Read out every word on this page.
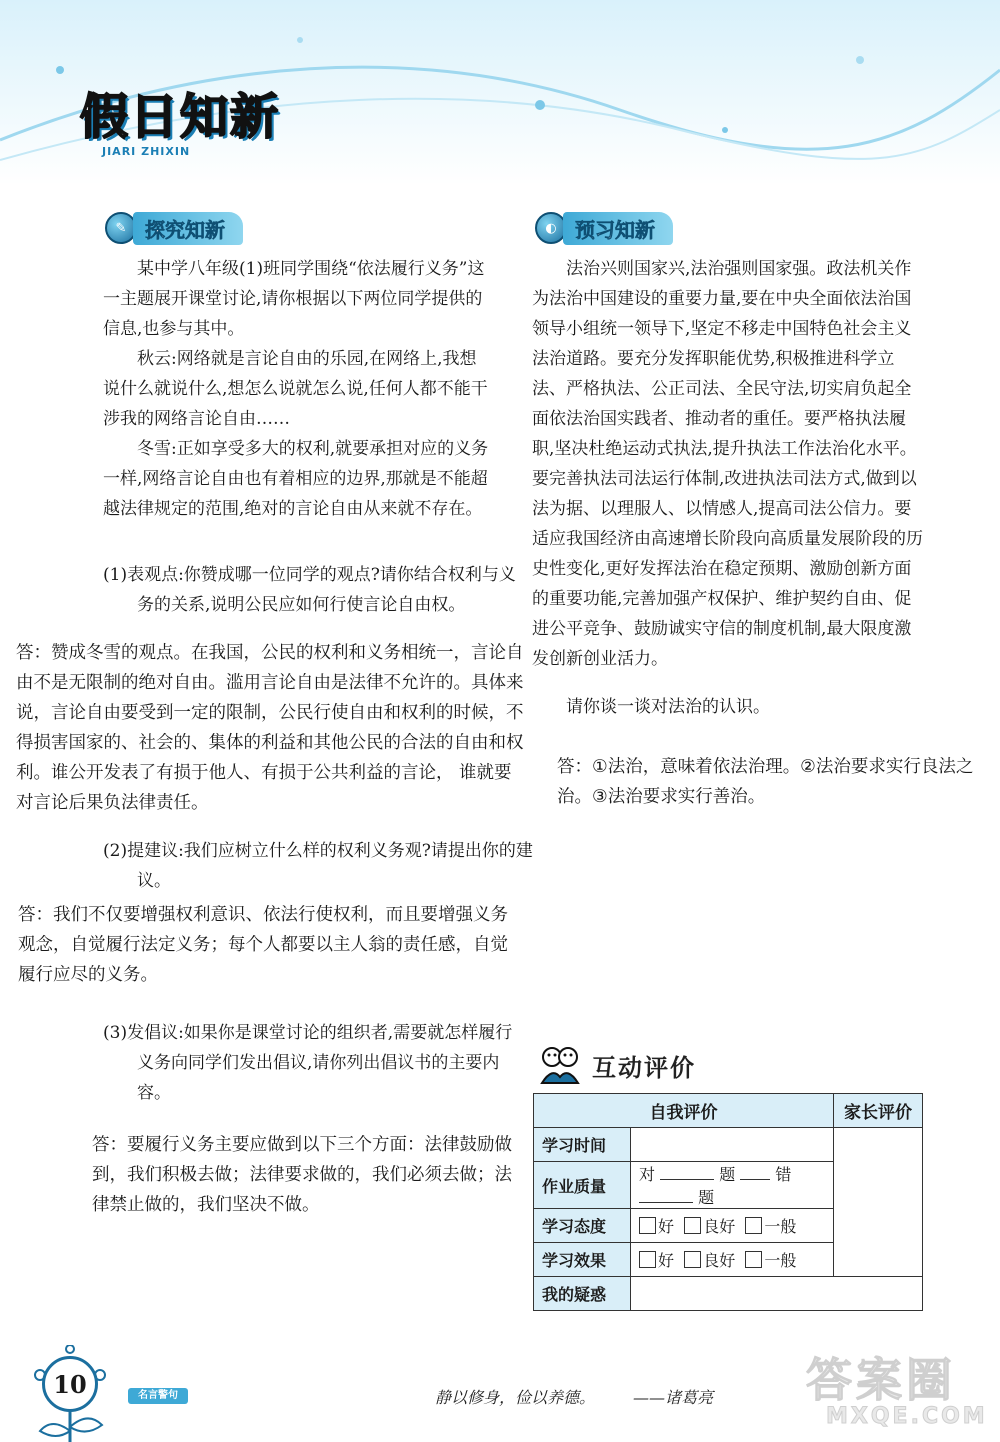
假日知新
JIARI ZHIXIN
✎ 探究知新

某中学八年级(1)班同学围绕“依法履行义务”这一主题展开课堂讨论,请你根据以下两位同学提供的信息,也参与其中。

秋云:网络就是言论自由的乐园,在网络上,我想说什么就说什么,想怎么说就怎么说,任何人都不能干涉我的网络言论自由……

冬雪:正如享受多大的权利,就要承担对应的义务一样,网络言论自由也有着相应的边界,那就是不能超越法律规定的范围,绝对的言论自由从来就不存在。

(1)表观点:你赞成哪一位同学的观点?请你结合权利与义务的关系,说明公民应如何行使言论自由权。
答：赞成冬雪的观点。在我国，公民的权利和义务相统一，言论自由不是无限制的绝对自由。滥用言论自由是法律不允许的。具体来说，言论自由要受到一定的限制，公民行使自由和权利的时候，不得损害国家的、社会的、集体的利益和其他公民的合法的自由和权利。谁公开发表了有损于他人、有损于公共利益的言论， 谁就要对言论后果负法律责任。
(2)提建议:我们应树立什么样的权利义务观?请提出你的建议。
答：我们不仅要增强权利意识、依法行使权利，而且要增强义务观念，自觉履行法定义务；每个人都要以主人翁的责任感，自觉履行应尽的义务。
(3)发倡议:如果你是课堂讨论的组织者,需要就怎样履行义务向同学们发出倡议,请你列出倡议书的主要内容。
答：要履行义务主要应做到以下三个方面：法律鼓励做到，我们积极去做；法律要求做的，我们必须去做；法律禁止做的，我们坚决不做。
◐ 预习知新

法治兴则国家兴,法治强则国家强。政法机关作为法治中国建设的重要力量,要在中央全面依法治国领导小组统一领导下,坚定不移走中国特色社会主义法治道路。要充分发挥职能优势,积极推进科学立法、严格执法、公正司法、全民守法,切实肩负起全面依法治国实践者、推动者的重任。要严格执法履职,坚决杜绝运动式执法,提升执法工作法治化水平。要完善执法司法运行体制,改进执法司法方式,做到以法为据、以理服人、以情感人,提高司法公信力。要适应我国经济由高速增长阶段向高质量发展阶段的历史性变化,更好发挥法治在稳定预期、激励创新方面的重要功能,完善加强产权保护、维护契约自由、促进公平竞争、鼓励诚实守信的制度机制,最大限度激发创新创业活力。

请你谈一谈对法治的认识。
答：①法治，意味着依法治理。②法治要求实行良法之治。③法治要求实行善治。
互动评价
自我评价		家长评价
学习时间		
作业质量	对 题 错  题	
学习态度	好 良好 一般	
学习效果	好 良好 一般	
我的疑惑		
10	名言警句	静以修身，俭以养德。 ——诸葛亮 答案圈
MXQE.COM
